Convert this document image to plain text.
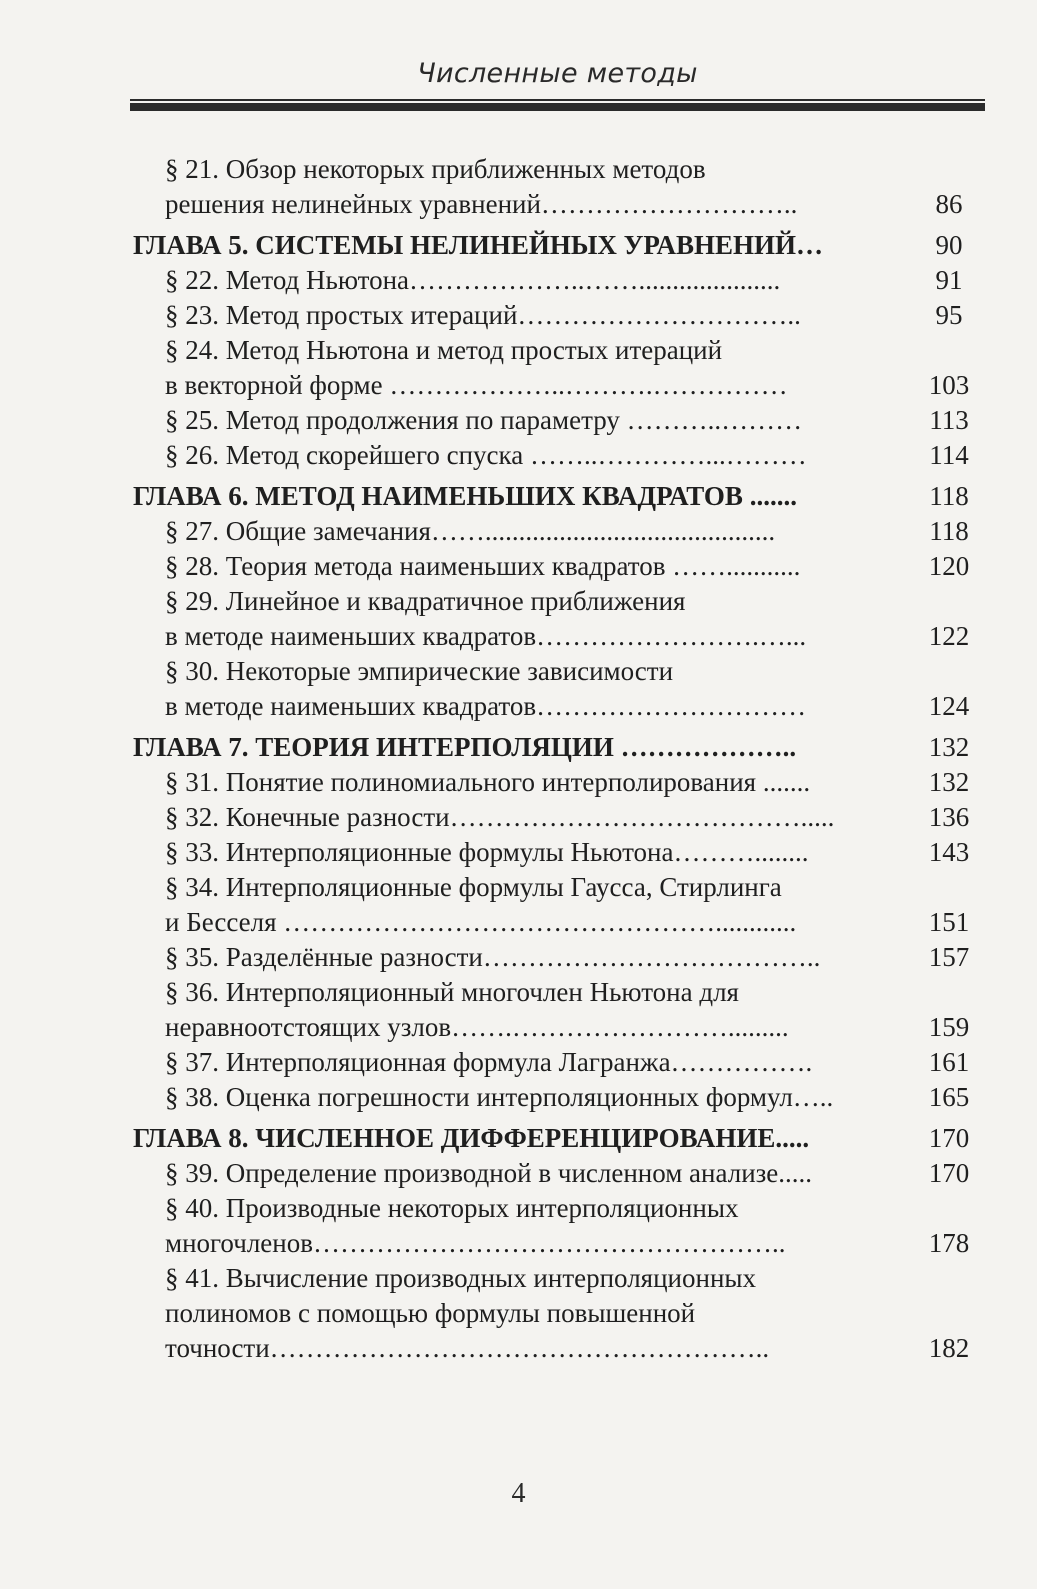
Численные методы
§ 21. Обзор некоторых приближенных методов
решения нелинейных уравнений………………………..	86
ГЛАВА 5. СИСТЕМЫ НЕЛИНЕЙНЫХ УРАВНЕНИЙ…	90
§ 22. Метод Ньютона………………..…….....................	91
§ 23. Метод простых итераций…………………………..	95
§ 24. Метод Ньютона и метод простых итераций
в векторной форме ………………..……….……………	103
§ 25. Метод продолжения по параметру ………..………	113
§ 26. Метод скорейшего спуска ……..…………...………	114
ГЛАВА 6. МЕТОД НАИМЕНЬШИХ КВАДРАТОВ .......	118
§ 27. Общие замечания……...........................................	118
§ 28. Теория метода наименьших квадратов ……...........	120
§ 29. Линейное и квадратичное приближения
в методе наименьших квадратов…………………….…...	122
§ 30. Некоторые эмпирические зависимости
в методе наименьших квадратов…………………………	124
ГЛАВА 7. ТЕОРИЯ ИНТЕРПОЛЯЦИИ ………………..	132
§ 31. Понятие полиномиального интерполирования .......	132
§ 32. Конечные разности………………………………….....	136
§ 33. Интерполяционные формулы Ньютона………........	143
§ 34. Интерполяционные формулы Гаусса, Стирлинга
и Бесселя …………………………………………............	151
§ 35. Разделённые разности………………………………..	157
§ 36. Интерполяционный многочлен Ньютона для
неравноотстоящих узлов…….…………………….........	159
§ 37. Интерполяционная формула Лагранжа…………….	161
§ 38. Оценка погрешности интерполяционных формул…..	165
ГЛАВА 8. ЧИСЛЕННОЕ ДИФФЕРЕНЦИРОВАНИЕ.....	170
§ 39. Определение производной в численном анализе.....	170
§ 40. Производные некоторых интерполяционных
многочленов……………………………………………..	178
§ 41. Вычисление производных интерполяционных
полиномов с помощью формулы повышенной
точности………………………………………………..	182
4
